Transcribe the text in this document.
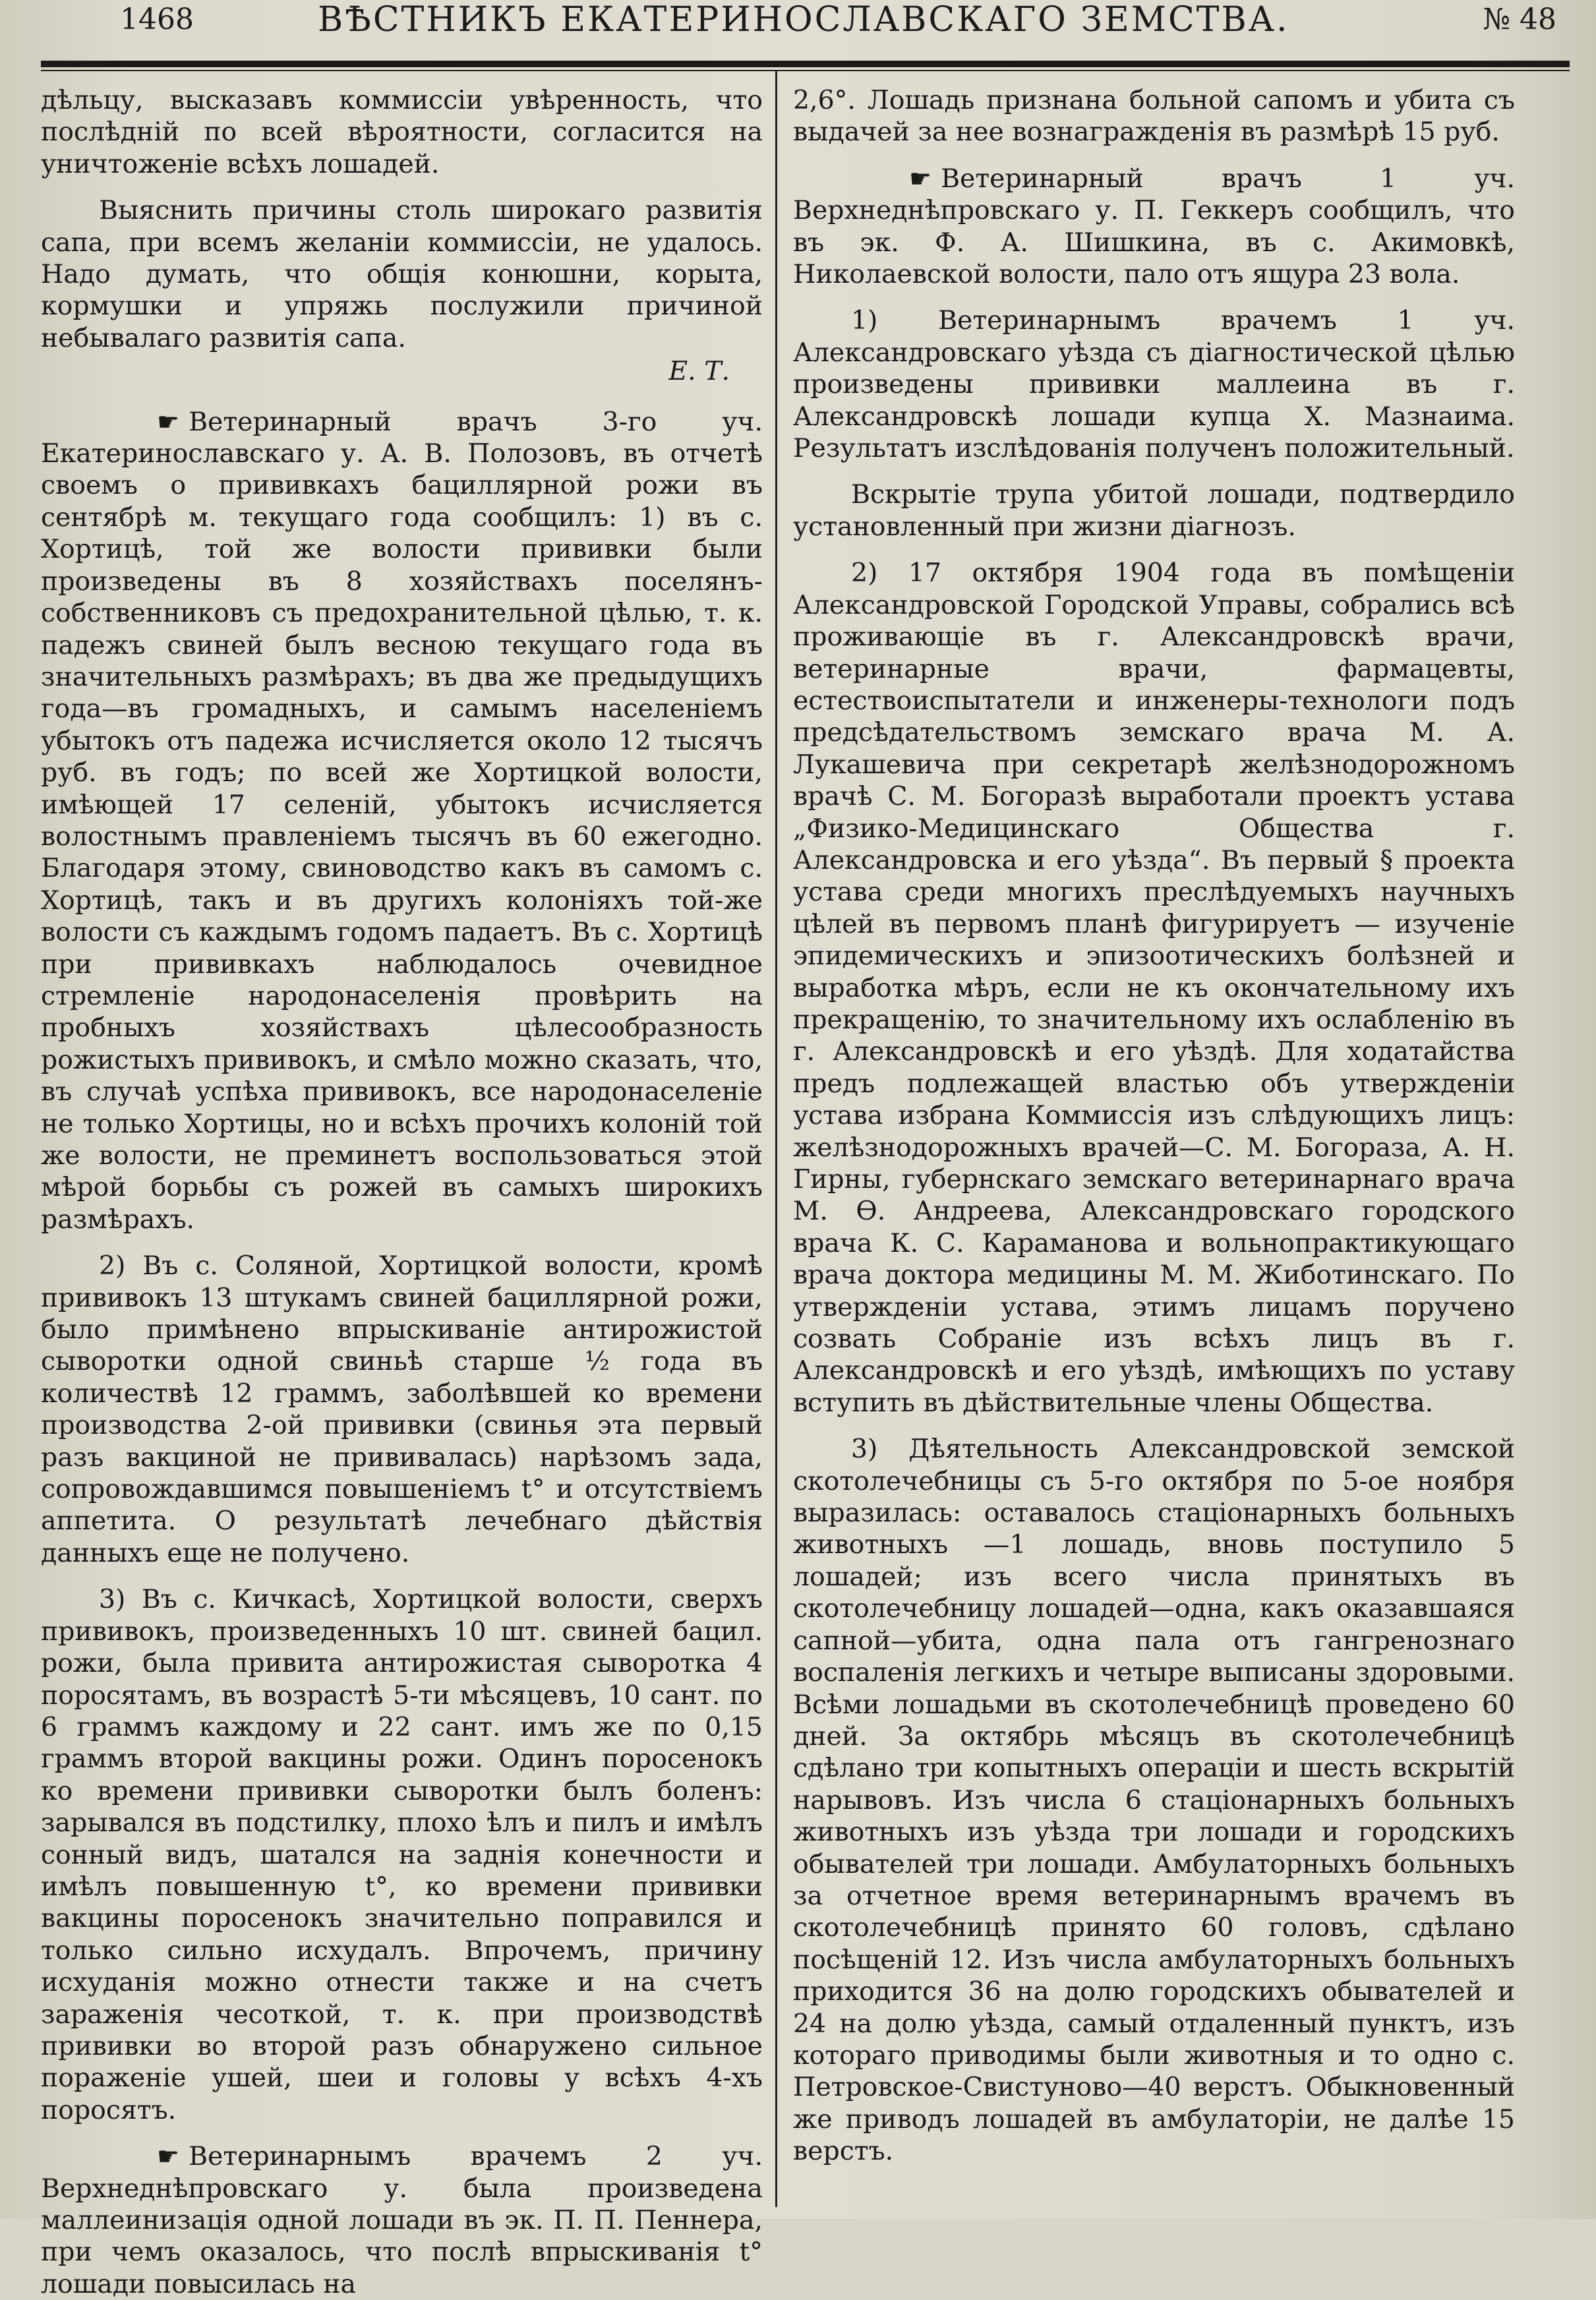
1468	ВѢСТНИКЪ ЕКАТЕРИНОСЛАВСКАГО ЗЕМСТВА.	№ 48

дѣльцу, высказавъ коммиссіи увѣренность, что послѣдній по всей вѣроятности, согласится на уничтоженіе всѣхъ лошадей.

Выяснить причины столь широкаго развитія сапа, при всемъ желаніи коммиссіи, не удалось. Надо думать, что общія конюшни, корыта, кормушки и упряжь послужили причиной небывалаго развитія сапа.

Е. Т.

☛ Ветеринарный врачъ 3-го уч. Екатеринославскаго у. А. В. Полозовъ, въ отчетѣ своемъ о прививкахъ бациллярной рожи въ сентябрѣ м. текущаго года сообщилъ: 1) въ с. Хортицѣ, той же волости прививки были произведены въ 8 хозяйствахъ поселянъ-собственниковъ съ предохранительной цѣлью, т. к. падежъ свиней былъ весною текущаго года въ значительныхъ размѣрахъ; въ два же предыдущихъ года—въ громадныхъ, и самымъ населеніемъ убытокъ отъ падежа исчисляется около 12 тысячъ руб. въ годъ; по всей же Хортицкой волости, имѣющей 17 селеній, убытокъ исчисляется волостнымъ правленіемъ тысячъ въ 60 ежегодно. Благодаря этому, свиноводство какъ въ самомъ с. Хортицѣ, такъ и въ другихъ колоніяхъ той-же волости съ каждымъ годомъ падаетъ. Въ с. Хортицѣ при прививкахъ наблюдалось очевидное стремленіе народонаселенія провѣрить на пробныхъ хозяйствахъ цѣлесообразность рожистыхъ прививокъ, и смѣло можно сказать, что, въ случаѣ успѣха прививокъ, все народонаселеніе не только Хортицы, но и всѣхъ прочихъ колоній той же волости, не преминетъ воспользоваться этой мѣрой борьбы съ рожей въ самыхъ широкихъ размѣрахъ.

2) Въ с. Соляной, Хортицкой волости, кромѣ прививокъ 13 штукамъ свиней бациллярной рожи, было примѣнено впрыскиваніе антирожистой сыворотки одной свиньѣ старше ½ года въ количествѣ 12 граммъ, заболѣвшей ко времени производства 2-ой прививки (свинья эта первый разъ вакциной не прививалась) нарѣзомъ зада, сопровождавшимся повышеніемъ t° и отсутствіемъ аппетита. О результатѣ лечебнаго дѣйствія данныхъ еще не получено.

3) Въ с. Кичкасѣ, Хортицкой волости, сверхъ прививокъ, произведенныхъ 10 шт. свиней бацил. рожи, была привита антирожистая сыворотка 4 поросятамъ, въ возрастѣ 5-ти мѣсяцевъ, 10 сант. по 6 граммъ каждому и 22 сант. имъ же по 0,15 граммъ второй вакцины рожи. Одинъ поросенокъ ко времени прививки сыворотки былъ боленъ: зарывался въ подстилку, плохо ѣлъ и пилъ и имѣлъ сонный видъ, шатался на заднія конечности и имѣлъ повышенную t°, ко времени прививки вакцины поросенокъ значительно поправился и только сильно исхудалъ. Впрочемъ, причину исхуданія можно отнести также и на счетъ зараженія чесоткой, т. к. при производствѣ прививки во второй разъ обнаружено сильное пораженіе ушей, шеи и головы у всѣхъ 4-хъ поросятъ.

☛ Ветеринарнымъ врачемъ 2 уч. Верхнеднѣпровскаго у. была произведена маллеинизація одной лошади въ эк. П. П. Пеннера, при чемъ оказалось, что послѣ впрыскиванія t° лошади повысилась на

2,6°. Лошадь признана больной сапомъ и убита съ выдачей за нее вознагражденія въ размѣрѣ 15 руб.

☛ Ветеринарный врачъ 1 уч. Верхнеднѣпровскаго у. П. Геккеръ сообщилъ, что въ эк. Ф. А. Шишкина, въ с. Акимовкѣ, Николаевской волости, пало отъ ящура 23 вола.

1) Ветеринарнымъ врачемъ 1 уч. Александровскаго уѣзда съ діагностической цѣлью произведены прививки маллеина въ г. Александровскѣ лошади купца Х. Мазнаима. Результатъ изслѣдованія полученъ положительный.

Вскрытіе трупа убитой лошади, подтвердило установленный при жизни діагнозъ.

2) 17 октября 1904 года въ помѣщеніи Александровской Городской Управы, собрались всѣ проживающіе въ г. Александровскѣ врачи, ветеринарные врачи, фармацевты, естествоиспытатели и инженеры-технологи подъ предсѣдательствомъ земскаго врача М. А. Лукашевича при секретарѣ желѣзнодорожномъ врачѣ С. М. Богоразѣ выработали проектъ устава „Физико-Медицинскаго Общества г. Александровска и его уѣзда“. Въ первый § проекта устава среди многихъ преслѣдуемыхъ научныхъ цѣлей въ первомъ планѣ фигурируетъ — изученіе эпидемическихъ и эпизоотическихъ болѣзней и выработка мѣръ, если не къ окончательному ихъ прекращенію, то значительному ихъ ослабленію въ г. Александровскѣ и его уѣздѣ. Для ходатайства предъ подлежащей властью объ утвержденіи устава избрана Коммиссія изъ слѣдующихъ лицъ: желѣзнодорожныхъ врачей—С. М. Богораза, А. Н. Гирны, губернскаго земскаго ветеринарнаго врача М. Ѳ. Андреева, Александровскаго городского врача К. С. Караманова и вольнопрактикующаго врача доктора медицины М. М. Жиботинскаго. По утвержденіи устава, этимъ лицамъ поручено созвать Собраніе изъ всѣхъ лицъ въ г. Александровскѣ и его уѣздѣ, имѣющихъ по уставу вступить въ дѣйствительные члены Общества.

3) Дѣятельность Александровской земской скотолечебницы съ 5-го октября по 5-ое ноября выразилась: оставалось стаціонарныхъ больныхъ животныхъ —1 лошадь, вновь поступило 5 лошадей; изъ всего числа принятыхъ въ скотолечебницу лошадей—одна, какъ оказавшаяся сапной—убита, одна пала отъ гангренознаго воспаленія легкихъ и четыре выписаны здоровыми. Всѣми лошадьми въ скотолечебницѣ проведено 60 дней. За октябрь мѣсяцъ въ скотолечебницѣ сдѣлано три копытныхъ операціи и шесть вскрытій нарывовъ. Изъ числа 6 стаціонарныхъ больныхъ животныхъ изъ уѣзда три лошади и городскихъ обывателей три лошади. Амбулаторныхъ больныхъ за отчетное время ветеринарнымъ врачемъ въ скотолечебницѣ принято 60 головъ, сдѣлано посѣщеній 12. Изъ числа амбулаторныхъ больныхъ приходится 36 на долю городскихъ обывателей и 24 на долю уѣзда, самый отдаленный пунктъ, изъ котораго приводимы были животныя и то одно с. Петровское-Свистуново—40 верстъ. Обыкновенный же приводъ лошадей въ амбулаторіи, не далѣе 15 верстъ.
